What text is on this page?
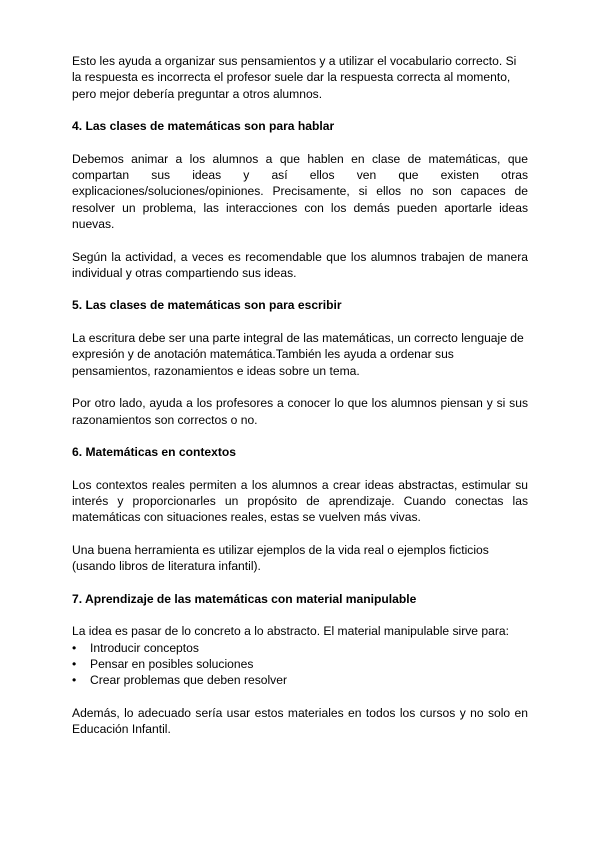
Esto les ayuda a organizar sus pensamientos y a utilizar el vocabulario correcto. Si la respuesta es incorrecta el profesor suele dar la respuesta correcta al momento, pero mejor debería preguntar a otros alumnos.

4. Las clases de matemáticas son para hablar

Debemos animar a los alumnos a que hablen en clase de matemáticas, que compartan sus ideas y así ellos ven que existen otras explicaciones/soluciones/opiniones. Precisamente, si ellos no son capaces de resolver un problema, las interacciones con los demás pueden aportarle ideas nuevas.

Según la actividad, a veces es recomendable que los alumnos trabajen de manera individual y otras compartiendo sus ideas.

5. Las clases de matemáticas son para escribir

La escritura debe ser una parte integral de las matemáticas, un correcto lenguaje de expresión y de anotación matemática.También les ayuda a ordenar sus pensamientos, razonamientos e ideas sobre un tema.

Por otro lado, ayuda a los profesores a conocer lo que los alumnos piensan y si sus razonamientos son correctos o no.

6. Matemáticas en contextos

Los contextos reales permiten a los alumnos a crear ideas abstractas, estimular su interés y proporcionarles un propósito de aprendizaje. Cuando conectas las matemáticas con situaciones reales, estas se vuelven más vivas.

Una buena herramienta es utilizar ejemplos de la vida real o ejemplos ficticios (usando libros de literatura infantil).

7. Aprendizaje de las matemáticas con material manipulable

La idea es pasar de lo concreto a lo abstracto. El material manipulable sirve para:

• Introducir conceptos
• Pensar en posibles soluciones
• Crear problemas que deben resolver

Además, lo adecuado sería usar estos materiales en todos los cursos y no solo en Educación Infantil.
